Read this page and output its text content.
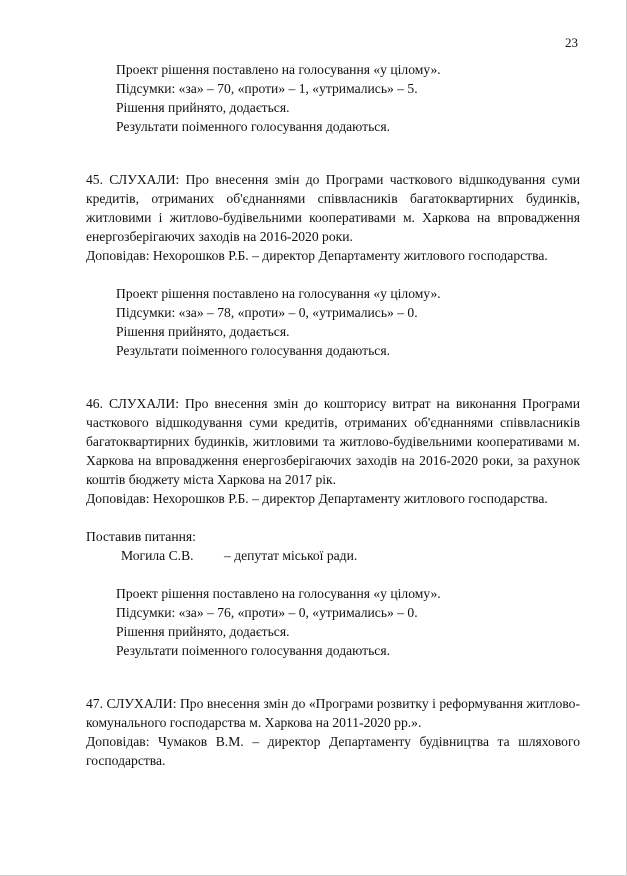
23

Проект рішення поставлено на голосування «у цілому».

Підсумки: «за» – 70, «проти» – 1, «утримались» – 5.

Рішення прийнято, додається.

Результати поіменного голосування додаються.

45. СЛУХАЛИ: Про внесення змін до Програми часткового відшкодування суми кредитів, отриманих об'єднаннями співвласників багатоквартирних будинків, житловими і житлово-будівельними кооперативами м. Харкова на впровадження енергозберігаючих заходів на 2016-2020 роки.

Доповідав: Нехорошков Р.Б. – директор Департаменту житлового господарства.

Проект рішення поставлено на голосування «у цілому».

Підсумки: «за» – 78, «проти» – 0, «утримались» – 0.

Рішення прийнято, додається.

Результати поіменного голосування додаються.

46. СЛУХАЛИ: Про внесення змін до кошторису витрат на виконання Програми часткового відшкодування суми кредитів, отриманих об'єднаннями співвласників багатоквартирних будинків, житловими та житлово-будівельними кооперативами м. Харкова на впровадження енергозберігаючих заходів на 2016-2020 роки, за рахунок коштів бюджету міста Харкова на 2017 рік.

Доповідав: Нехорошков Р.Б. – директор Департаменту житлового господарства.

Поставив питання:

Могила С.В.	– депутат міської ради.

Проект рішення поставлено на голосування «у цілому».

Підсумки: «за» – 76, «проти» – 0, «утримались» – 0.

Рішення прийнято, додається.

Результати поіменного голосування додаються.

47. СЛУХАЛИ: Про внесення змін до «Програми розвитку і реформування житлово-комунального господарства м. Харкова на 2011-2020 рр.».

Доповідав: Чумаков В.М. – директор Департаменту будівництва та шляхового господарства.
